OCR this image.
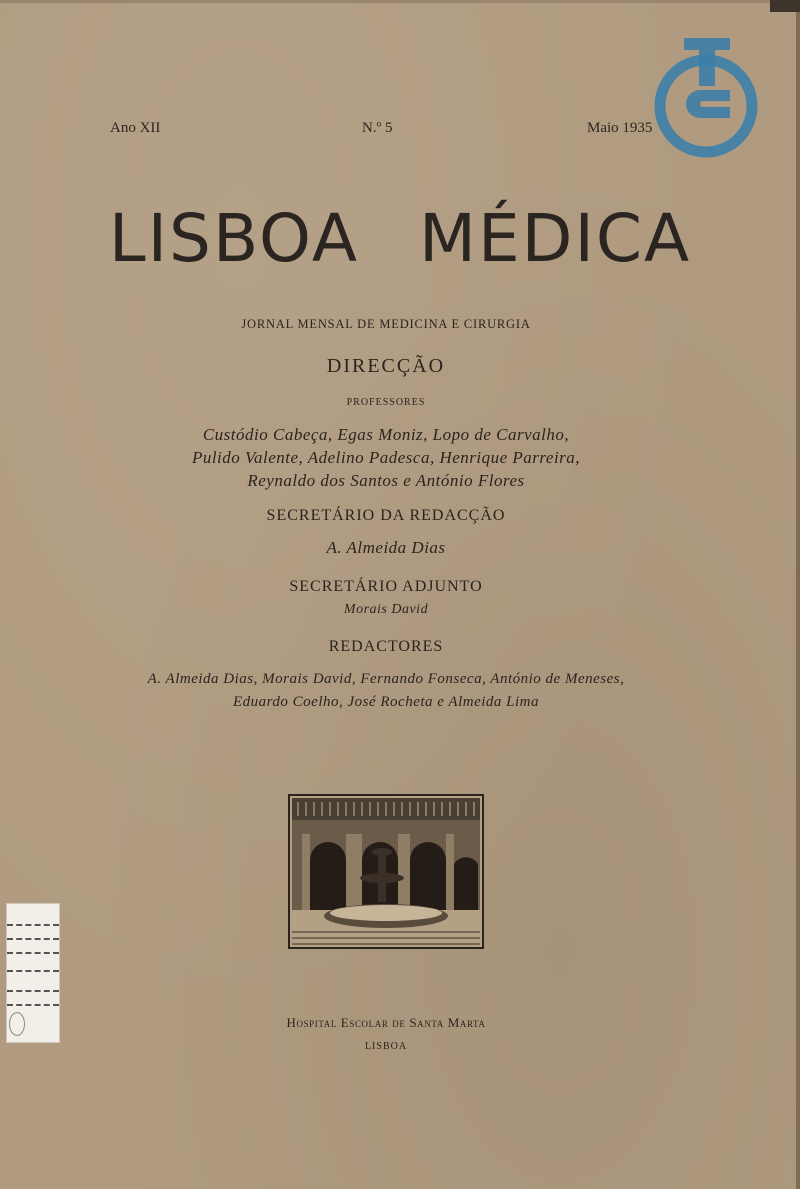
Ano XII	N.º 5	Maio 1935
LISBOA MÉDICA
JORNAL MENSAL DE MEDICINA E CIRURGIA
DIRECÇÃO
PROFESSORES
Custódio Cabeça, Egas Moniz, Lopo de Carvalho,
Pulido Valente, Adelino Padesca, Henrique Parreira,
Reynaldo dos Santos e António Flores
SECRETÁRIO DA REDACÇÃO
A. Almeida Dias
SECRETÁRIO ADJUNTO
Morais David
REDACTORES
A. Almeida Dias, Morais David, Fernando Fonseca, António de Meneses,
Eduardo Coelho, José Rocheta e Almeida Lima
Hospital Escolar de Santa Marta
LISBOA
